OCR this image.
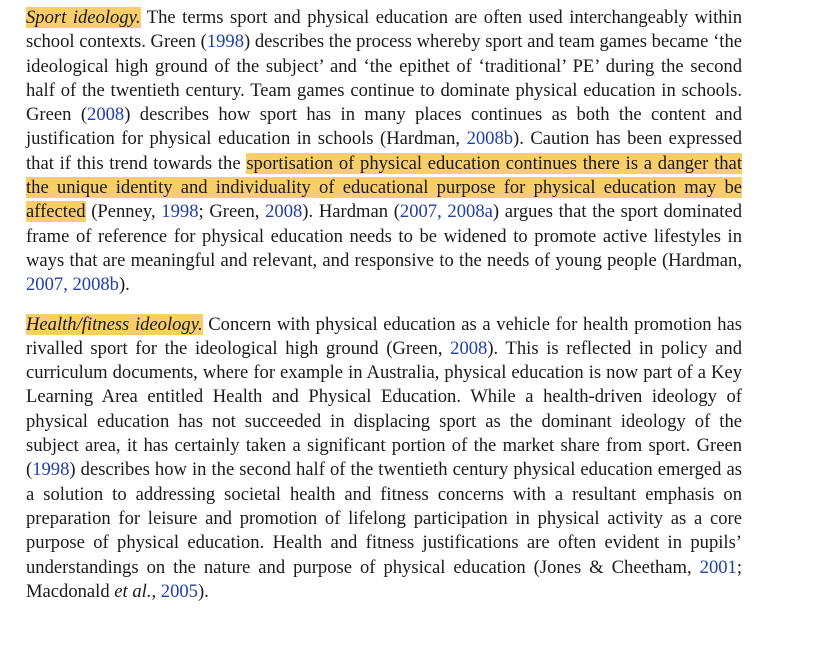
Sport ideology. The terms sport and physical education are often used interchangeably within school contexts. Green (1998) describes the process whereby sport and team games became ‘the ideological high ground of the subject’ and ‘the epithet of ‘traditional’ PE’ during the second half of the twentieth century. Team games continue to dominate physical education in schools. Green (2008) describes how sport has in many places continues as both the content and justification for physical education in schools (Hardman, 2008b). Caution has been expressed that if this trend towards the sportisation of physical education continues there is a danger that the unique identity and individuality of educational purpose for physical education may be affected (Penney, 1998; Green, 2008). Hardman (2007, 2008a) argues that the sport dominated frame of reference for physical education needs to be widened to promote active lifestyles in ways that are meaningful and relevant, and responsive to the needs of young people (Hardman, 2007, 2008b).

Health/fitness ideology. Concern with physical education as a vehicle for health promotion has rivalled sport for the ideological high ground (Green, 2008). This is reflected in policy and curriculum documents, where for example in Australia, physical education is now part of a Key Learning Area entitled Health and Physical Education. While a health-driven ideology of physical education has not succeeded in displacing sport as the dominant ideology of the subject area, it has certainly taken a significant portion of the market share from sport. Green (1998) describes how in the second half of the twentieth century physical education emerged as a solution to addressing societal health and fitness concerns with a resultant emphasis on preparation for leisure and promotion of lifelong participation in physical activity as a core purpose of physical education. Health and fitness justifications are often evident in pupils’ understandings on the nature and purpose of physical education (Jones & Cheetham, 2001; Macdonald et al., 2005).
